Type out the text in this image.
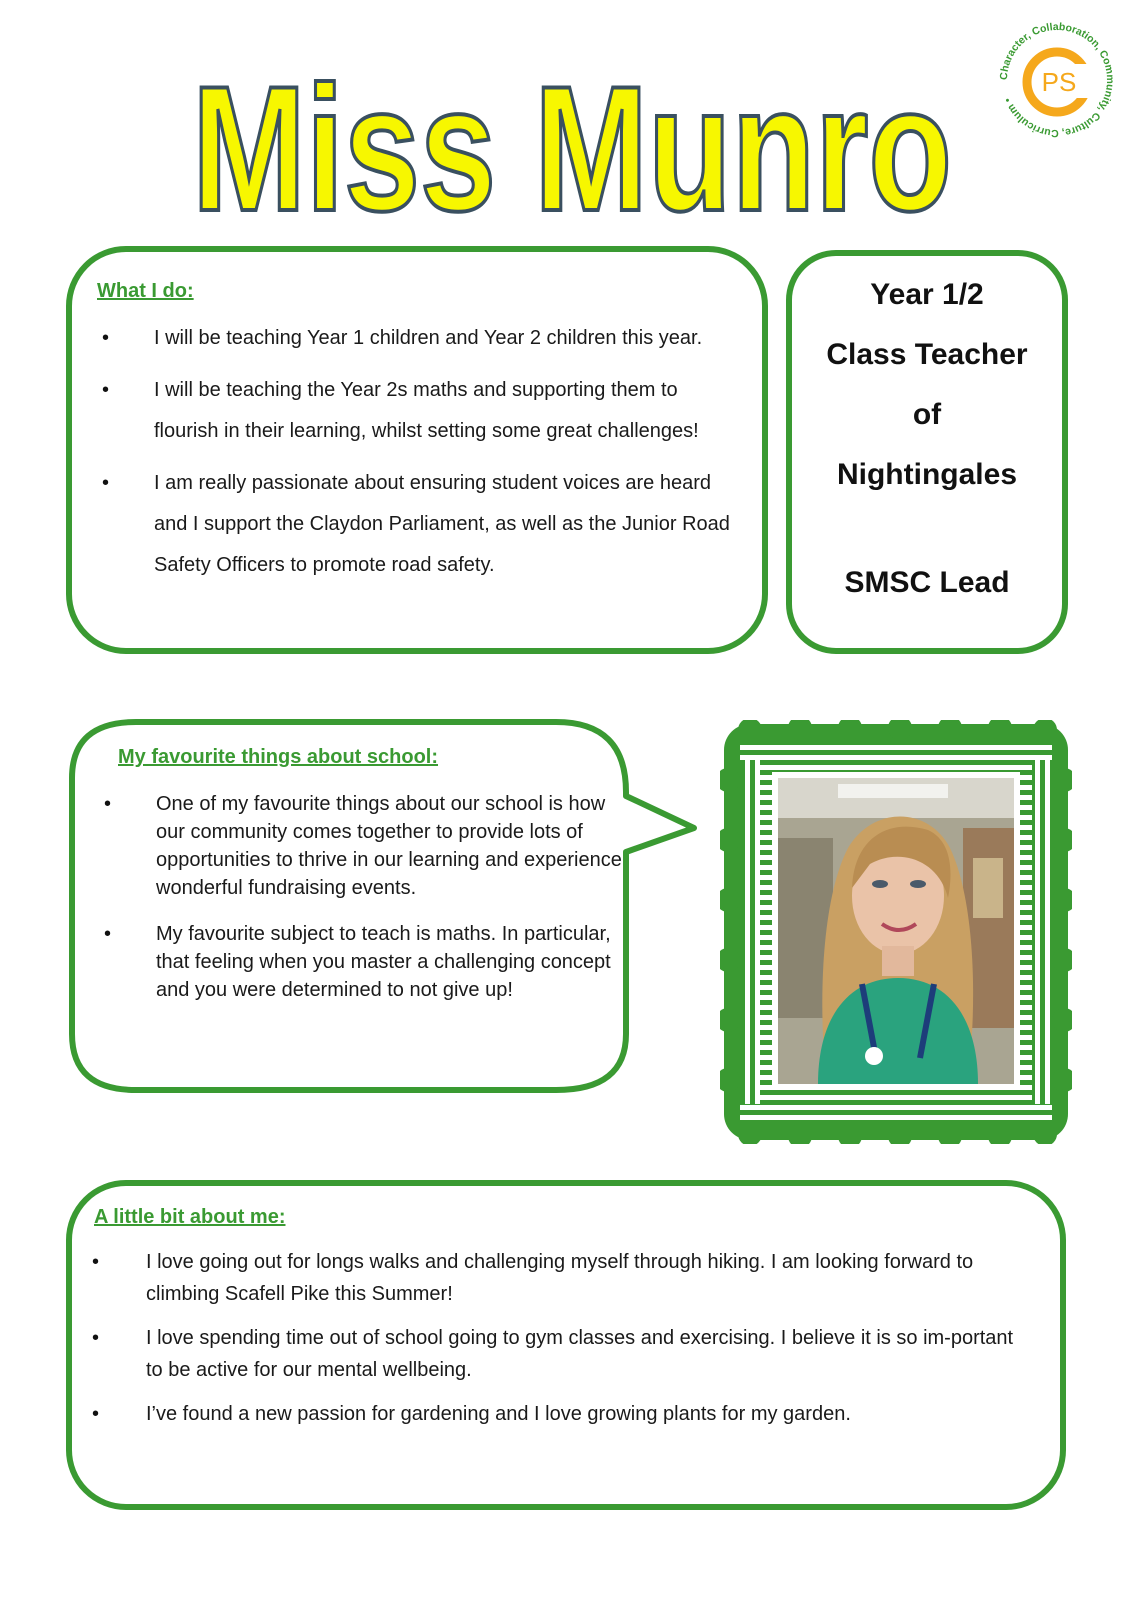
Miss Munro	Character, Collaboration, Community, Culture, Curriculum •
PS
What I do:
• I will be teaching Year 1 children and Year 2 children this year.
• I will be teaching the Year 2s maths and supporting them to flourish in their learning, whilst setting some great challenges!
• I am really passionate about ensuring student voices are heard and I support the Claydon Parliament, as well as the Junior Road Safety Officers to promote road safety.
Year 1/2
Class Teacher
of
Nightingales
SMSC Lead
My favourite things about school:
• One of my favourite things about our school is how our community comes together to provide lots of opportunities to thrive in our learning and experience wonderful fundraising events.
• My favourite subject to teach is maths. In particular, that feeling when you master a challenging concept and you were determined to not give up!
A little bit about me:
• I love going out for longs walks and challenging myself through hiking. I am looking forward to climbing Scafell Pike this Summer!
• I love spending time out of school going to gym classes and exercising. I believe it is so im-portant to be active for our mental wellbeing.
• I’ve found a new passion for gardening and I love growing plants for my garden.
